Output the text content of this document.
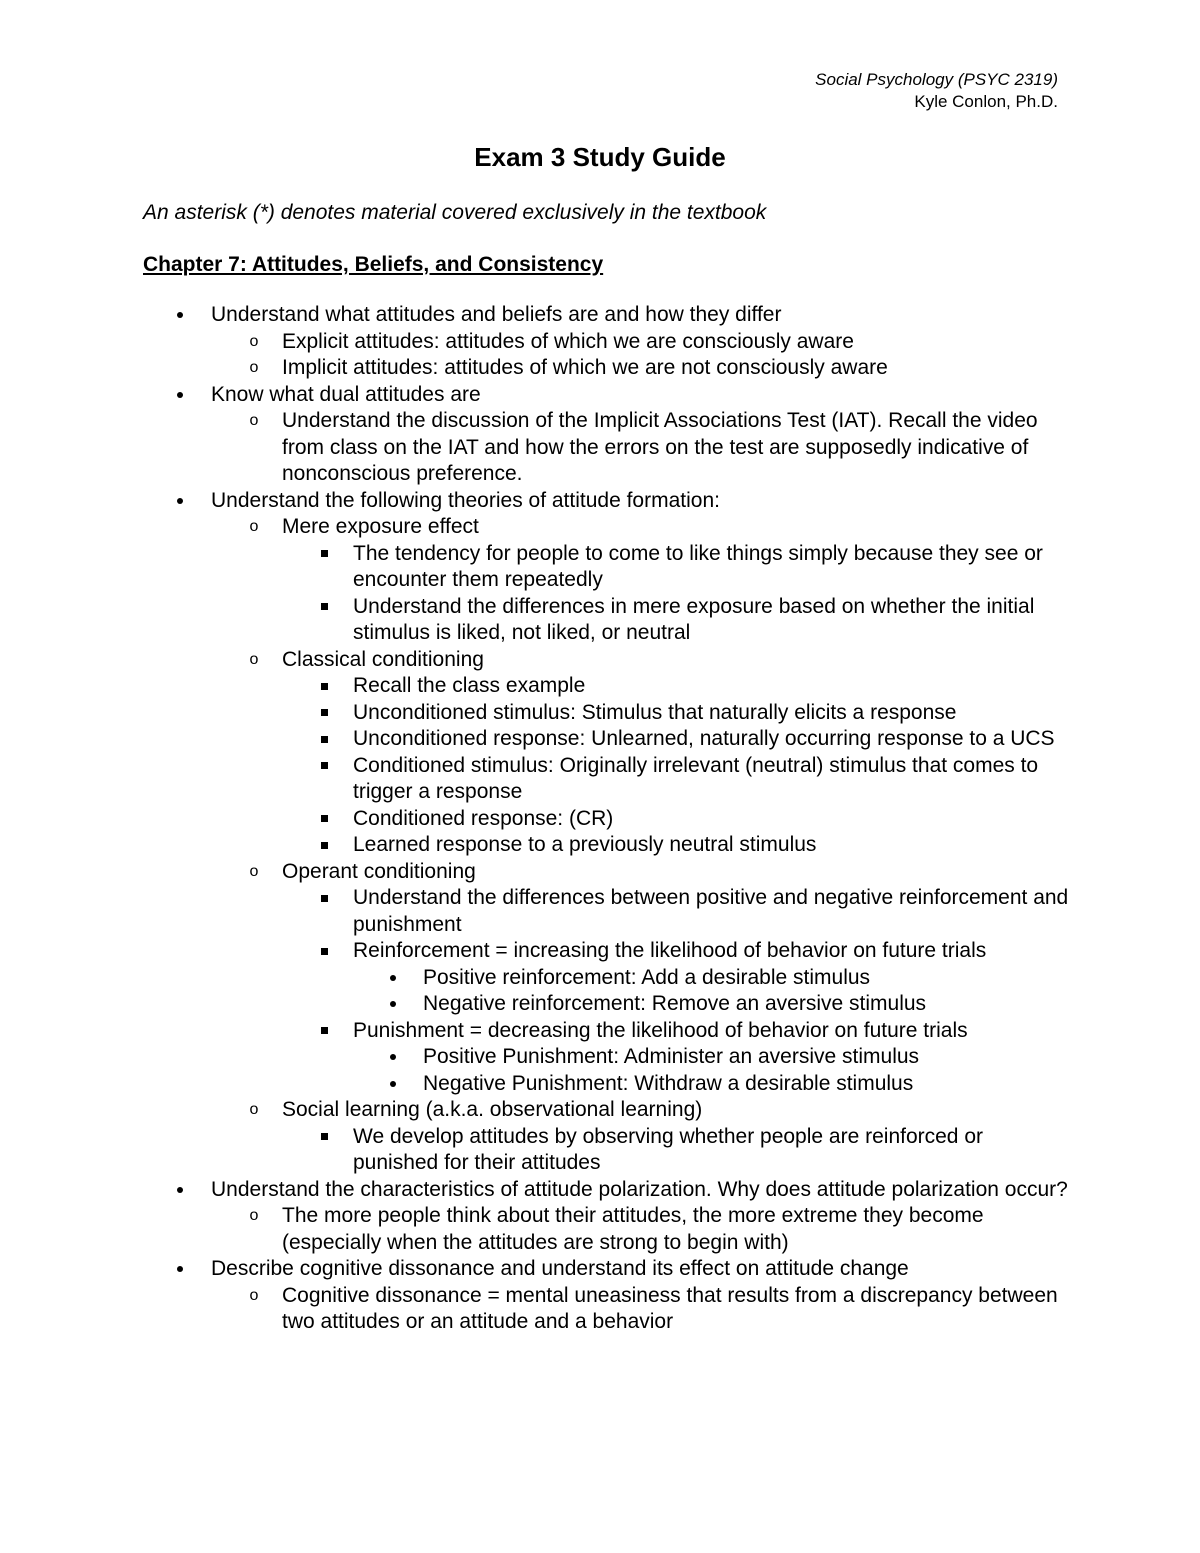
Social Psychology (PSYC 2319)
Kyle Conlon, Ph.D.
Exam 3 Study Guide
An asterisk (*) denotes material covered exclusively in the textbook
Chapter 7: Attitudes, Beliefs, and Consistency
Understand what attitudes and beliefs are and how they differ
o Explicit attitudes: attitudes of which we are consciously aware
o Implicit attitudes: attitudes of which we are not consciously aware
Know what dual attitudes are
o Understand the discussion of the Implicit Associations Test (IAT). Recall the video from class on the IAT and how the errors on the test are supposedly indicative of nonconscious preference.
Understand the following theories of attitude formation:
o Mere exposure effect
The tendency for people to come to like things simply because they see or encounter them repeatedly
Understand the differences in mere exposure based on whether the initial stimulus is liked, not liked, or neutral
o Classical conditioning
Recall the class example
Unconditioned stimulus: Stimulus that naturally elicits a response
Unconditioned response: Unlearned, naturally occurring response to a UCS
Conditioned stimulus: Originally irrelevant (neutral) stimulus that comes to trigger a response
Conditioned response: (CR)
Learned response to a previously neutral stimulus
o Operant conditioning
Understand the differences between positive and negative reinforcement and punishment
Reinforcement = increasing the likelihood of behavior on future trials
Positive reinforcement: Add a desirable stimulus
Negative reinforcement: Remove an aversive stimulus
Punishment = decreasing the likelihood of behavior on future trials
Positive Punishment: Administer an aversive stimulus
Negative Punishment: Withdraw a desirable stimulus
o Social learning (a.k.a. observational learning)
We develop attitudes by observing whether people are reinforced or punished for their attitudes
Understand the characteristics of attitude polarization. Why does attitude polarization occur?
o The more people think about their attitudes, the more extreme they become (especially when the attitudes are strong to begin with)
Describe cognitive dissonance and understand its effect on attitude change
o Cognitive dissonance = mental uneasiness that results from a discrepancy between two attitudes or an attitude and a behavior
